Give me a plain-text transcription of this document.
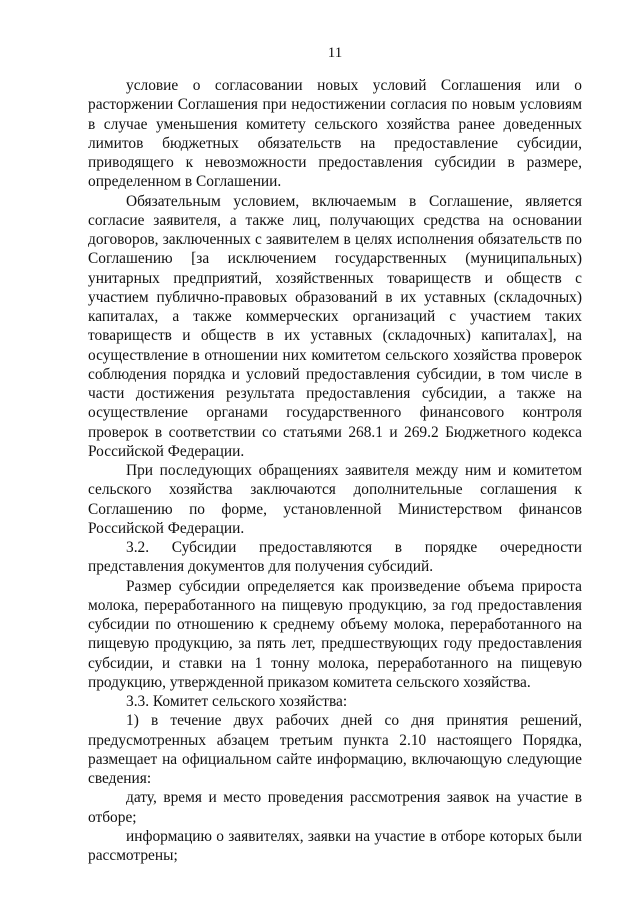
11

условие о согласовании новых условий Соглашения или о расторжении Соглашения при недостижении согласия по новым условиям в случае уменьшения комитету сельского хозяйства ранее доведенных лимитов бюджетных обязательств на предоставление субсидии, приводящего к невозможности предоставления субсидии в размере, определенном в Соглашении.

Обязательным условием, включаемым в Соглашение, является согласие заявителя, а также лиц, получающих средства на основании договоров, заключенных с заявителем в целях исполнения обязательств по Соглашению [за исключением государственных (муниципальных) унитарных предприятий, хозяйственных товариществ и обществ с участием публично-правовых образований в их уставных (складочных) капиталах, а также коммерческих организаций с участием таких товариществ и обществ в их уставных (складочных) капиталах], на осуществление в отношении них комитетом сельского хозяйства проверок соблюдения порядка и условий предоставления субсидии, в том числе в части достижения результата предоставления субсидии, а также на осуществление органами государственного финансового контроля проверок в соответствии со статьями 268.1 и 269.2 Бюджетного кодекса Российской Федерации.

При последующих обращениях заявителя между ним и комитетом сельского хозяйства заключаются дополнительные соглашения к Соглашению по форме, установленной Министерством финансов Российской Федерации.

3.2. Субсидии предоставляются в порядке очередности представления документов для получения субсидий.

Размер субсидии определяется как произведение объема прироста молока, переработанного на пищевую продукцию, за год предоставления субсидии по отношению к среднему объему молока, переработанного на пищевую продукцию, за пять лет, предшествующих году предоставления субсидии, и ставки на 1 тонну молока, переработанного на пищевую продукцию, утвержденной приказом комитета сельского хозяйства.

3.3. Комитет сельского хозяйства:

1) в течение двух рабочих дней со дня принятия решений, предусмотренных абзацем третьим пункта 2.10 настоящего Порядка, размещает на официальном сайте информацию, включающую следующие сведения:

дату, время и место проведения рассмотрения заявок на участие в отборе;

информацию о заявителях, заявки на участие в отборе которых были рассмотрены;
